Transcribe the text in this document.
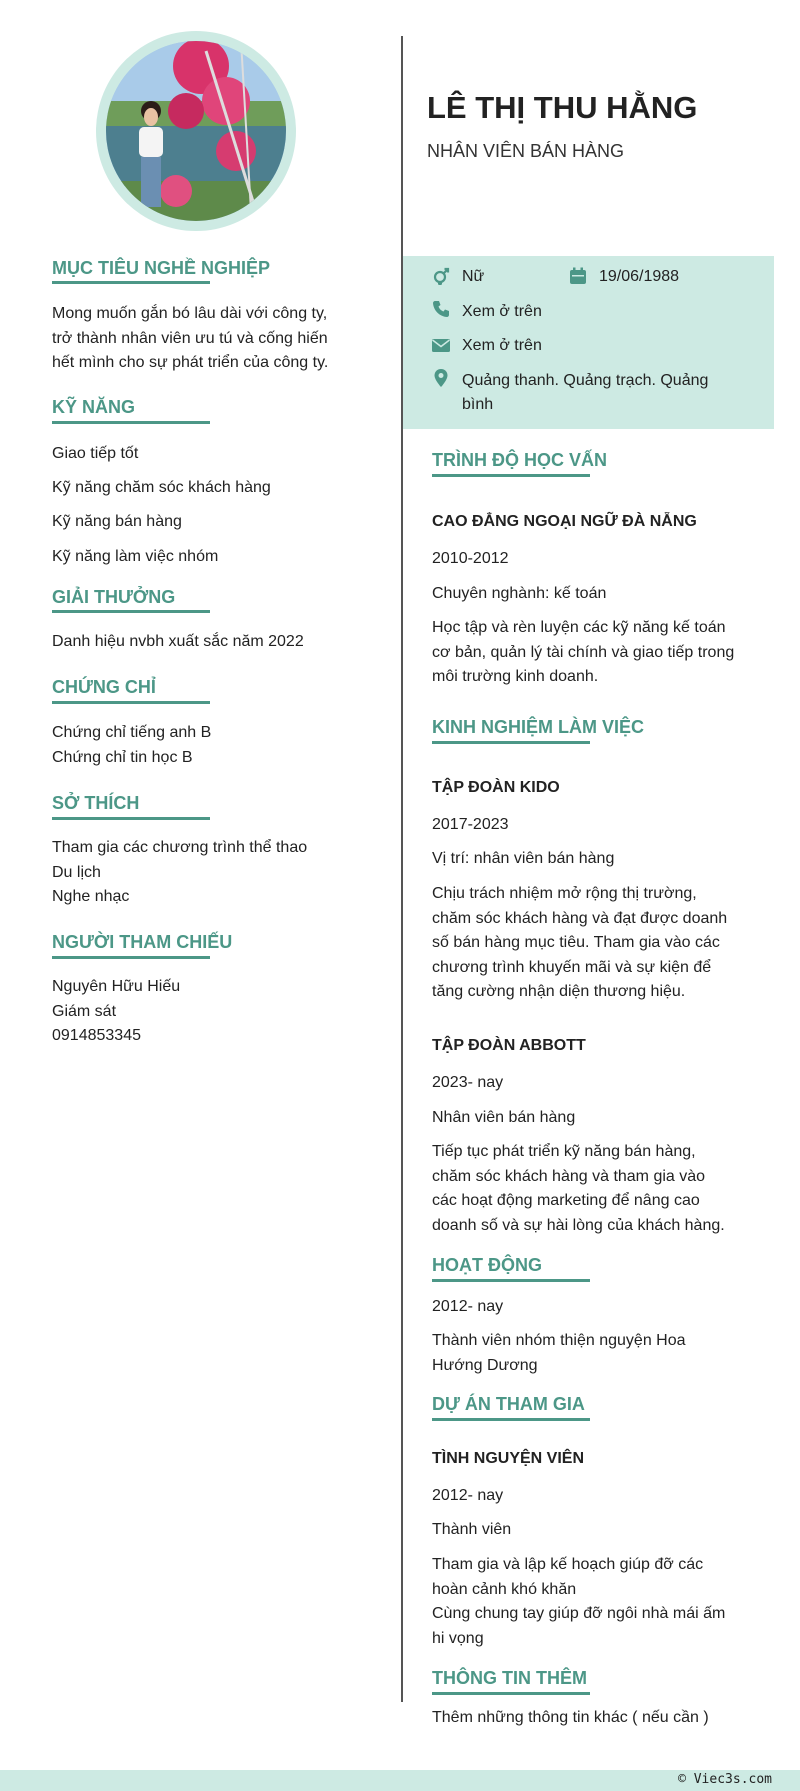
MỤC TIÊU NGHỀ NGHIỆP
Mong muốn gắn bó lâu dài với công ty,
trở thành nhân viên ưu tú và cống hiến
hết mình cho sự phát triển của công ty.
KỸ NĂNG
Giao tiếp tốt
Kỹ năng chăm sóc khách hàng
Kỹ năng bán hàng
Kỹ năng làm việc nhóm
GIẢI THƯỞNG
Danh hiệu nvbh xuất sắc năm 2022
CHỨNG CHỈ
Chứng chỉ tiếng anh B
Chứng chỉ tin học B
SỞ THÍCH
Tham gia các chương trình thể thao
Du lịch
Nghe nhạc
NGƯỜI THAM CHIẾU
Nguyên Hữu Hiếu
Giám sát
0914853345
LÊ THỊ THU HẰNG
NHÂN VIÊN BÁN HÀNG
Nữ	19/06/1988
Xem ở trên
Xem ở trên
Quảng thanh. Quảng trạch. Quảng
bình
TRÌNH ĐỘ HỌC VẤN
CAO ĐẲNG NGOẠI NGỮ ĐÀ NẴNG
2010-2012
Chuyên nghành: kế toán
Học tập và rèn luyện các kỹ năng kế toán
cơ bản, quản lý tài chính và giao tiếp trong
môi trường kinh doanh.
KINH NGHIỆM LÀM VIỆC
TẬP ĐOÀN KIDO
2017-2023
Vị trí: nhân viên bán hàng
Chịu trách nhiệm mở rộng thị trường,
chăm sóc khách hàng và đạt được doanh
số bán hàng mục tiêu. Tham gia vào các
chương trình khuyến mãi và sự kiện để
tăng cường nhận diện thương hiệu.
TẬP ĐOÀN ABBOTT
2023- nay
Nhân viên bán hàng
Tiếp tục phát triển kỹ năng bán hàng,
chăm sóc khách hàng và tham gia vào
các hoạt động marketing để nâng cao
doanh số và sự hài lòng của khách hàng.
HOẠT ĐỘNG
2012- nay
Thành viên nhóm thiện nguyện Hoa
Hướng Dương
DỰ ÁN THAM GIA
TÌNH NGUYỆN VIÊN
2012- nay
Thành viên
Tham gia và lập kế hoạch giúp đỡ các
hoàn cảnh khó khăn
Cùng chung tay giúp đỡ ngôi nhà mái ấm
hi vọng
THÔNG TIN THÊM
Thêm những thông tin khác ( nếu cần )
© Viec3s.com
